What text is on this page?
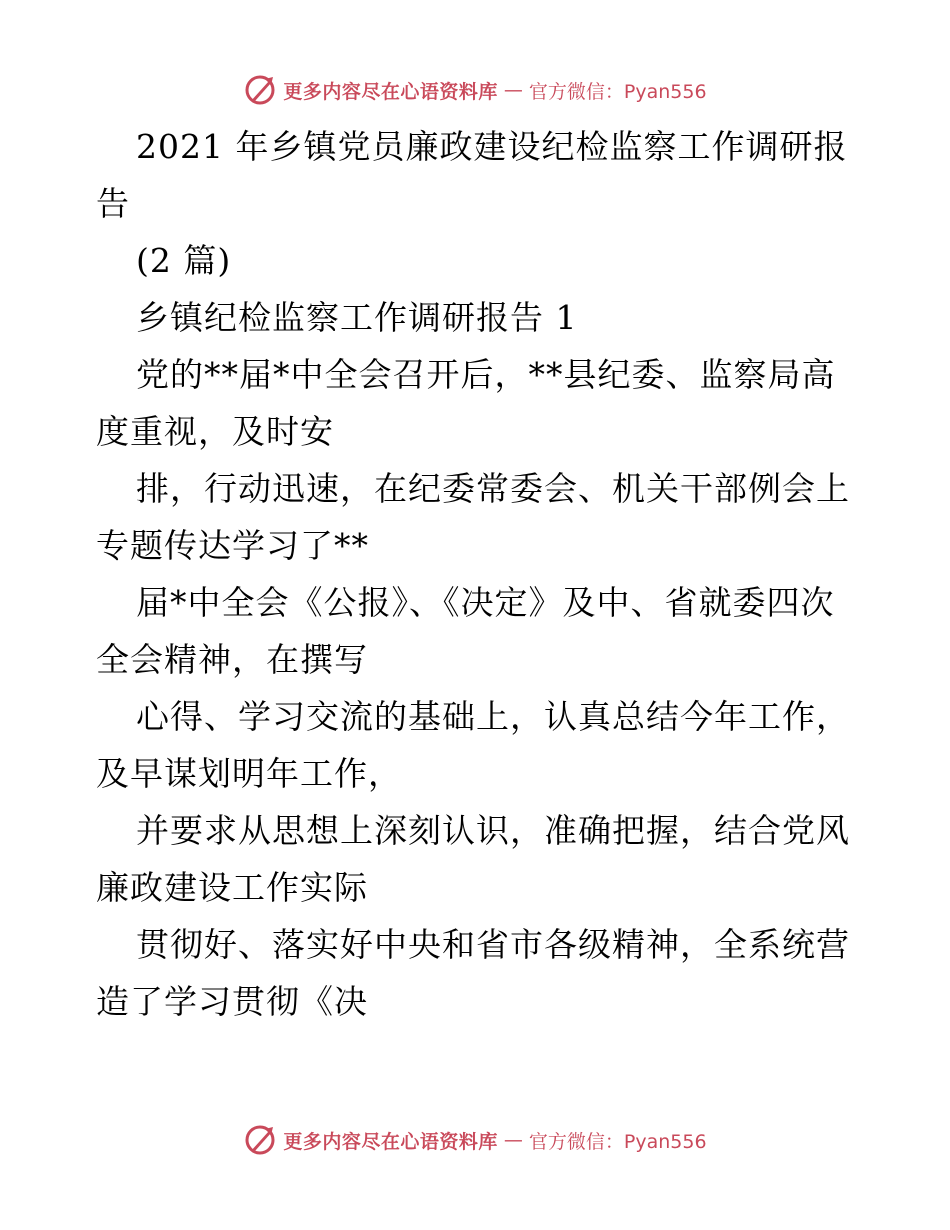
更多内容尽在心语资料库 — 官方微信：Pyan556

2021 年乡镇党员廉政建设纪检监察工作调研报告

(2 篇)

乡镇纪检监察工作调研报告 1

党的**届*中全会召开后，**县纪委、监察局高度重视，及时安

排，行动迅速，在纪委常委会、机关干部例会上专题传达学习了**

届*中全会《公报》、《决定》及中、省就委四次全会精神，在撰写

心得、学习交流的基础上，认真总结今年工作，及早谋划明年工作，

并要求从思想上深刻认识，准确把握，结合党风廉政建设工作实际

贯彻好、落实好中央和省市各级精神，全系统营造了学习贯彻《决

更多内容尽在心语资料库 — 官方微信：Pyan556
